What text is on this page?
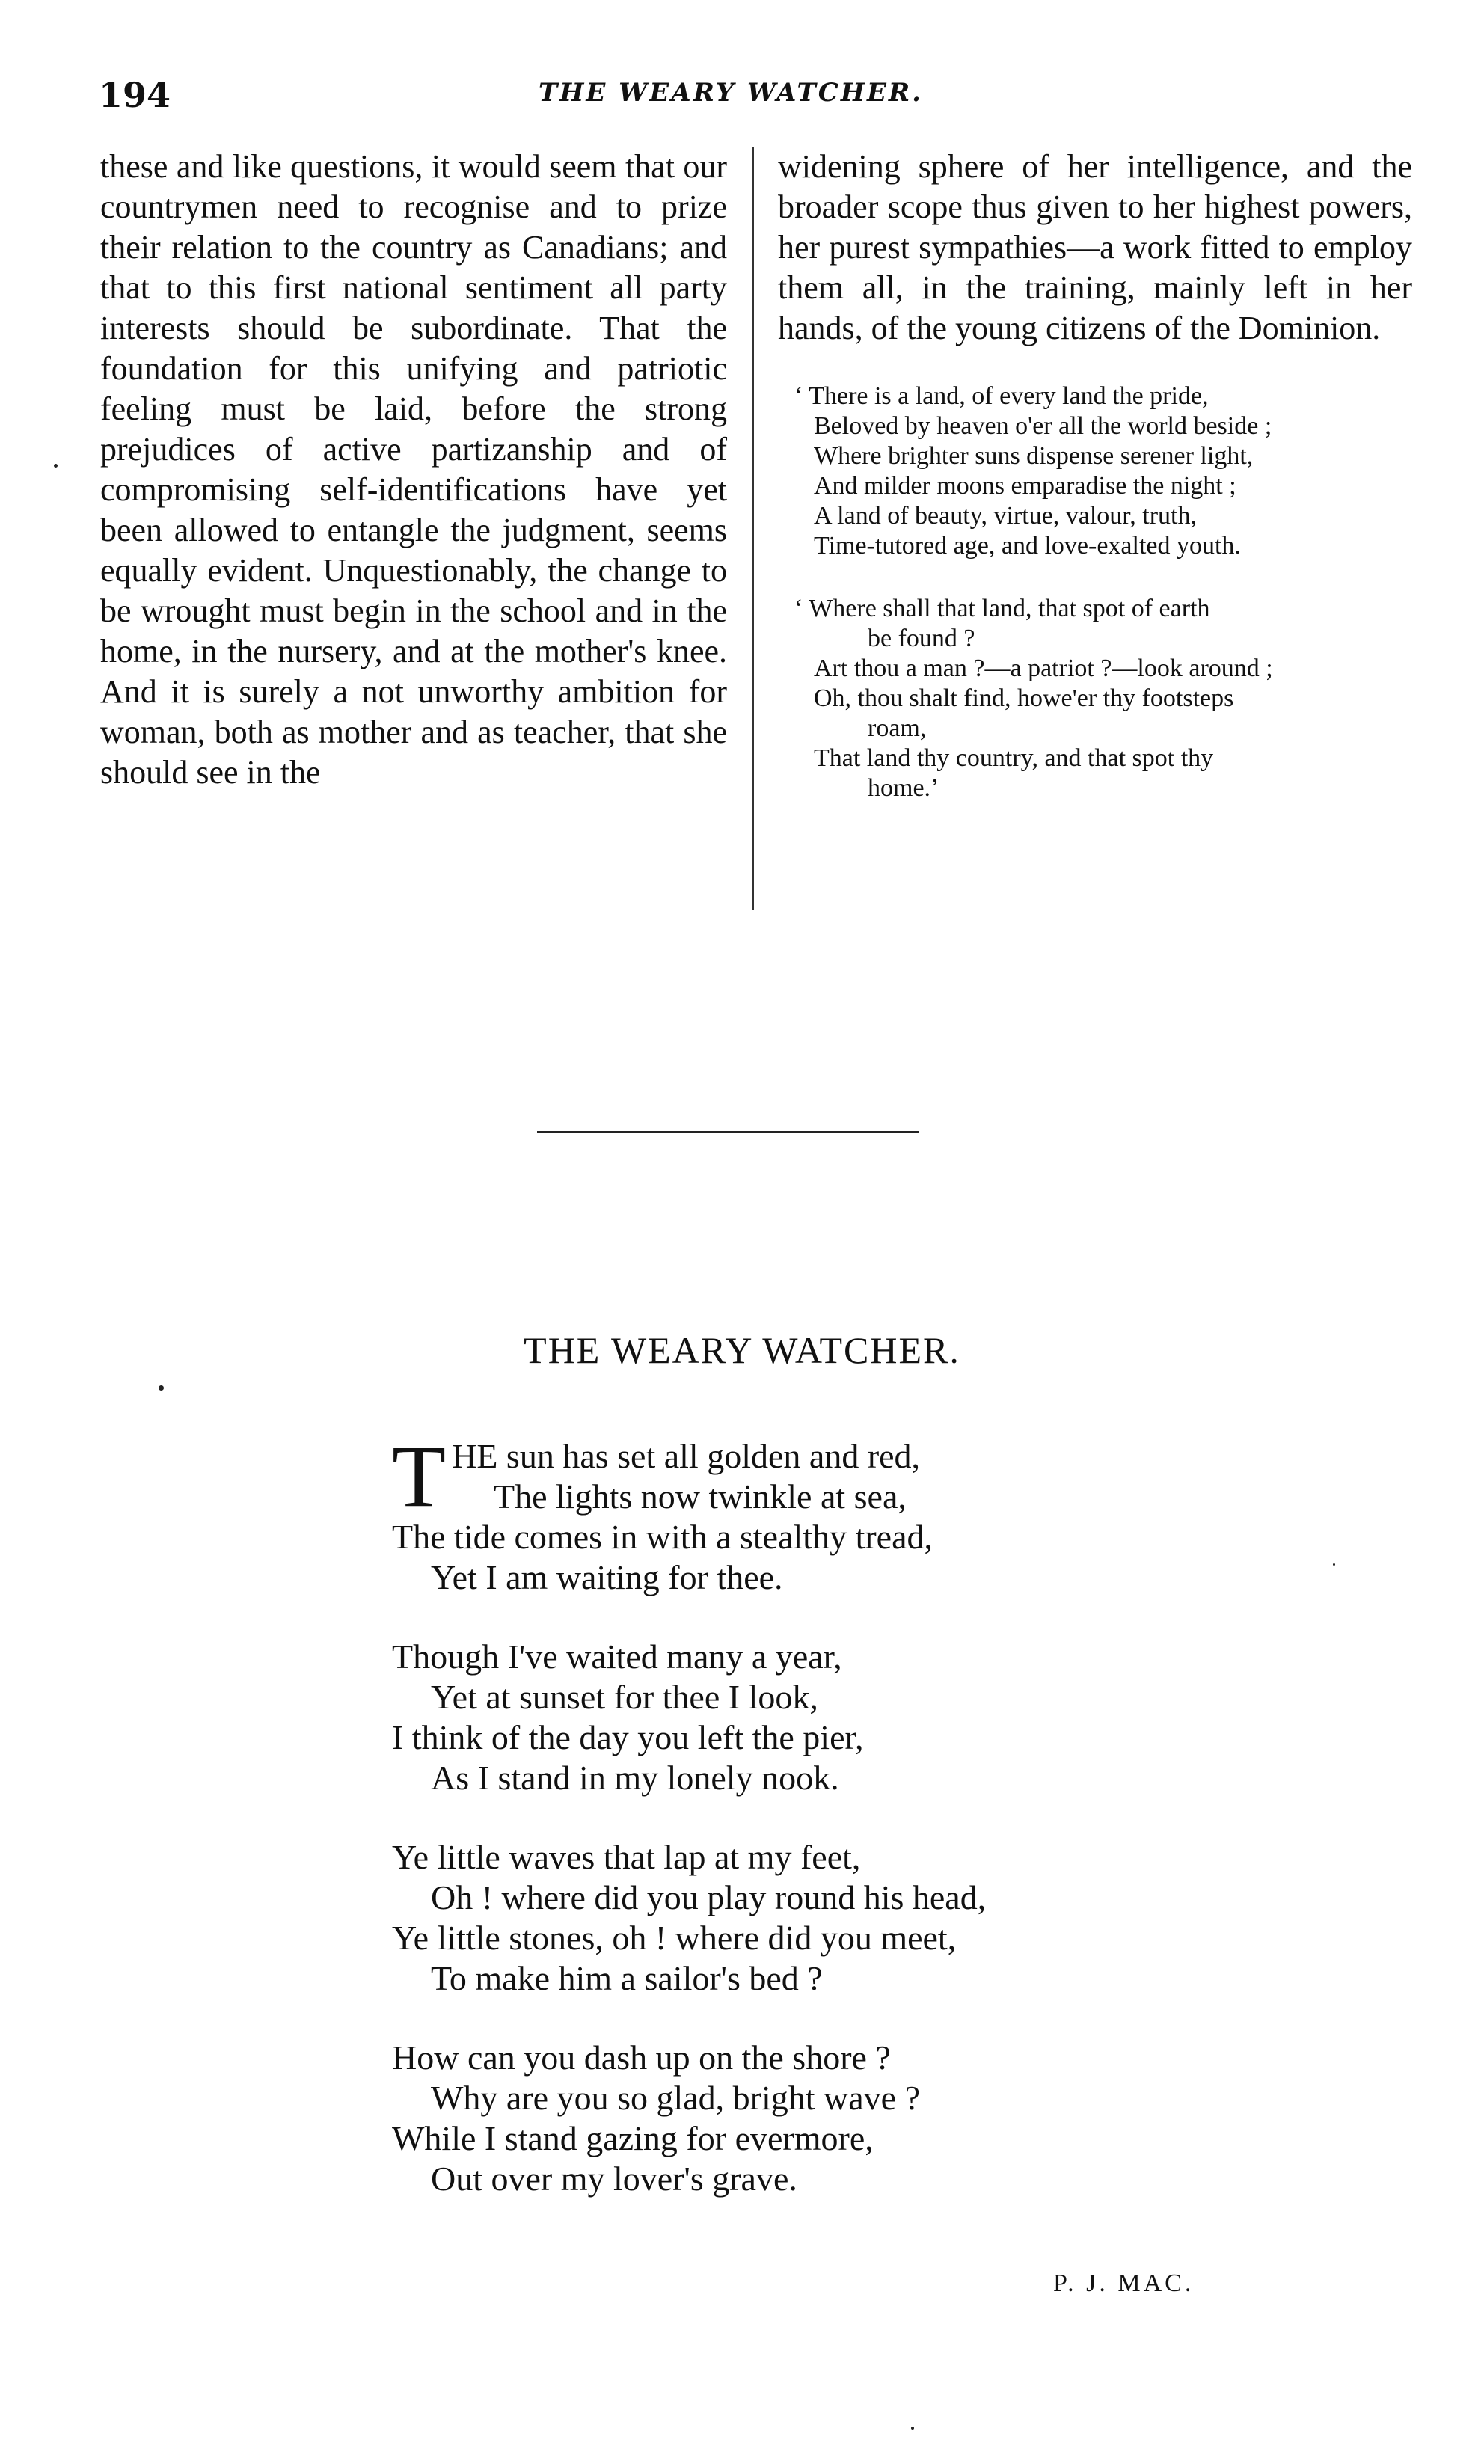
194	THE WEARY WATCHER.

these and like questions, it would seem that our countrymen need to recognise and to prize their relation to the country as Canadians; and that to this first national sentiment all party interests should be subordinate. That the foundation for this unifying and patriotic feeling must be laid, before the strong prejudices of active partizanship and of compromising self-identifications have yet been allowed to entangle the judgment, seems equally evident. Unquestionably, the change to be wrought must begin in the school and in the home, in the nursery, and at the mother's knee. And it is surely a not unworthy ambition for woman, both as mother and as teacher, that she should see in the

widening sphere of her intelligence, and the broader scope thus given to her highest powers, her purest sympathies—a work fitted to employ them all, in the training, mainly left in her hands, of the young citizens of the Dominion.

‘ There is a land, of every land the pride,
Beloved by heaven o'er all the world beside ;
Where brighter suns dispense serener light,
And milder moons emparadise the night ;
A land of beauty, virtue, valour, truth,
Time-tutored age, and love-exalted youth.
‘ Where shall that land, that spot of earth
be found ?
Art thou a man ?—a patriot ?—look around ;
Oh, thou shalt find, howe'er thy footsteps
roam,
That land thy country, and that spot thy
home.’
THE WEARY WATCHER.
T HE sun has set all golden and red,
The lights now twinkle at sea,
The tide comes in with a stealthy tread,
Yet I am waiting for thee.
Though I've waited many a year,
Yet at sunset for thee I look,
I think of the day you left the pier,
As I stand in my lonely nook.
Ye little waves that lap at my feet,
Oh ! where did you play round his head,
Ye little stones, oh ! where did you meet,
To make him a sailor's bed ?
How can you dash up on the shore ?
Why are you so glad, bright wave ?
While I stand gazing for evermore,
Out over my lover's grave.
P. J. MAC.
